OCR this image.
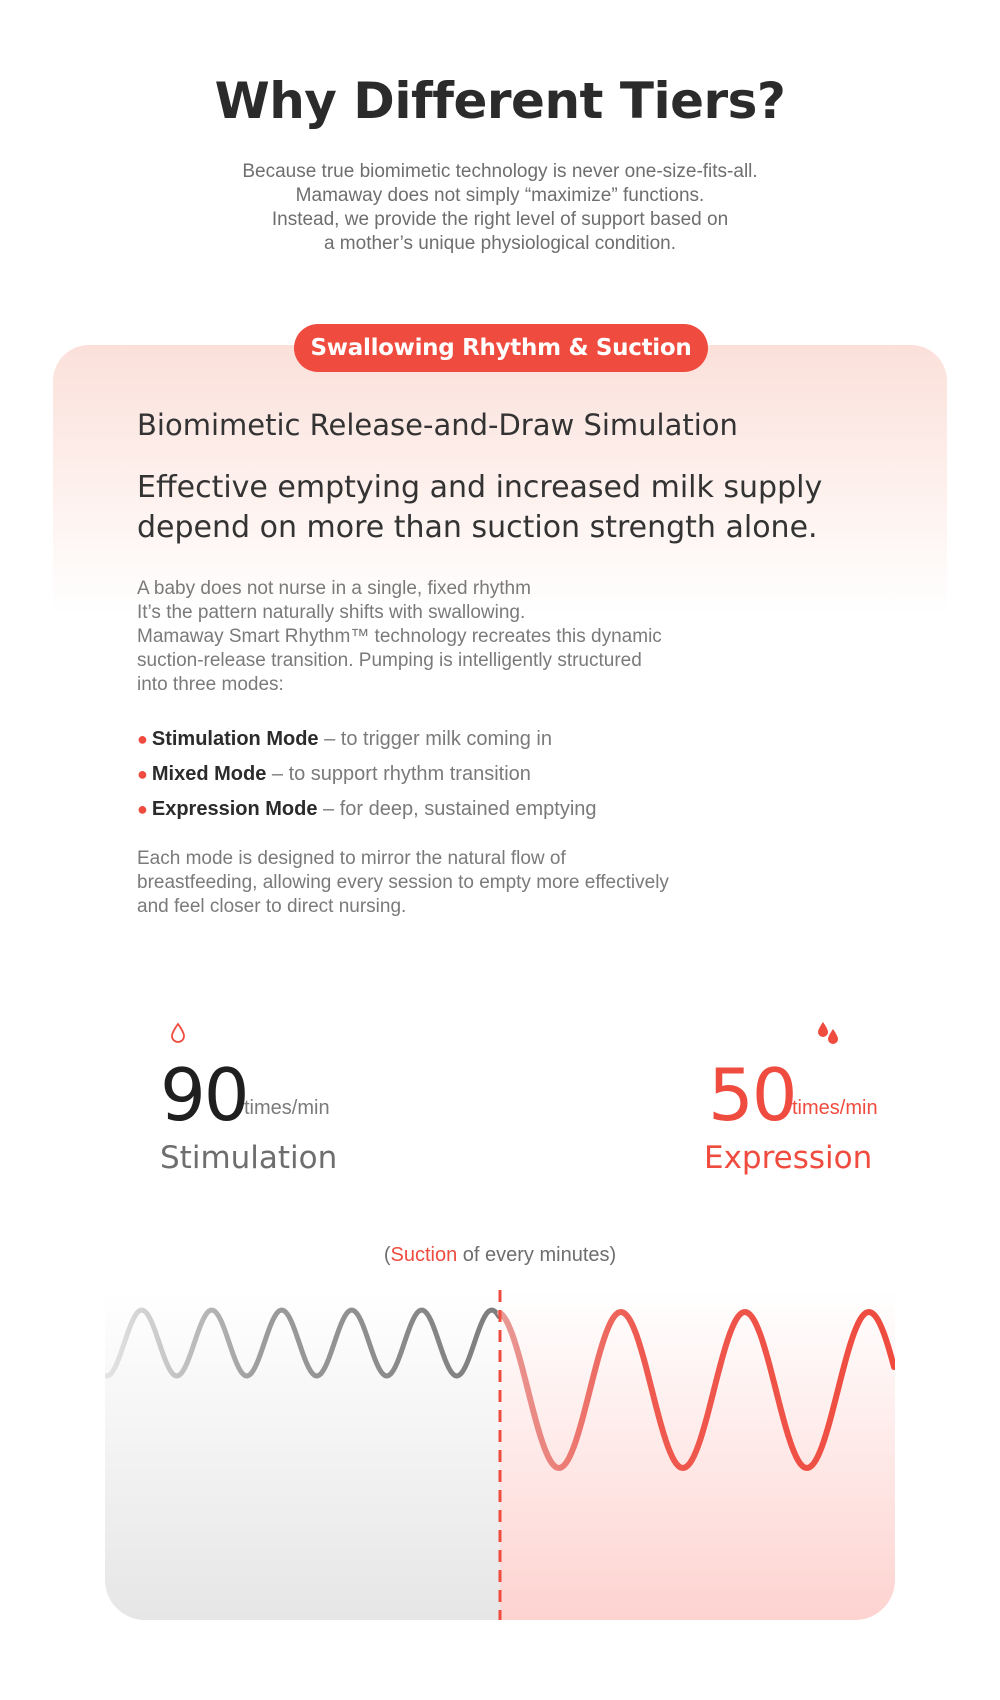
Why Different Tiers?
Because true biomimetic technology is never one-size-fits-all.
Mamaway does not simply “maximize” functions.
Instead, we provide the right level of support based on
a mother’s unique physiological condition.
Swallowing Rhythm & Suction
Biomimetic Release-and-Draw Simulation
Effective emptying and increased milk supply
depend on more than suction strength alone.
A baby does not nurse in a single, fixed rhythm
It’s the pattern naturally shifts with swallowing.
Mamaway Smart Rhythm™ technology recreates this dynamic
suction-release transition. Pumping is intelligently structured
into three modes:
● Stimulation Mode – to trigger milk coming in
● Mixed Mode – to support rhythm transition
● Expression Mode – for deep, sustained emptying
Each mode is designed to mirror the natural flow of
breastfeeding, allowing every session to empty more effectively
and feel closer to direct nursing.
90
times/min
Stimulation
50
times/min
Expression
(Suction of every minutes)
